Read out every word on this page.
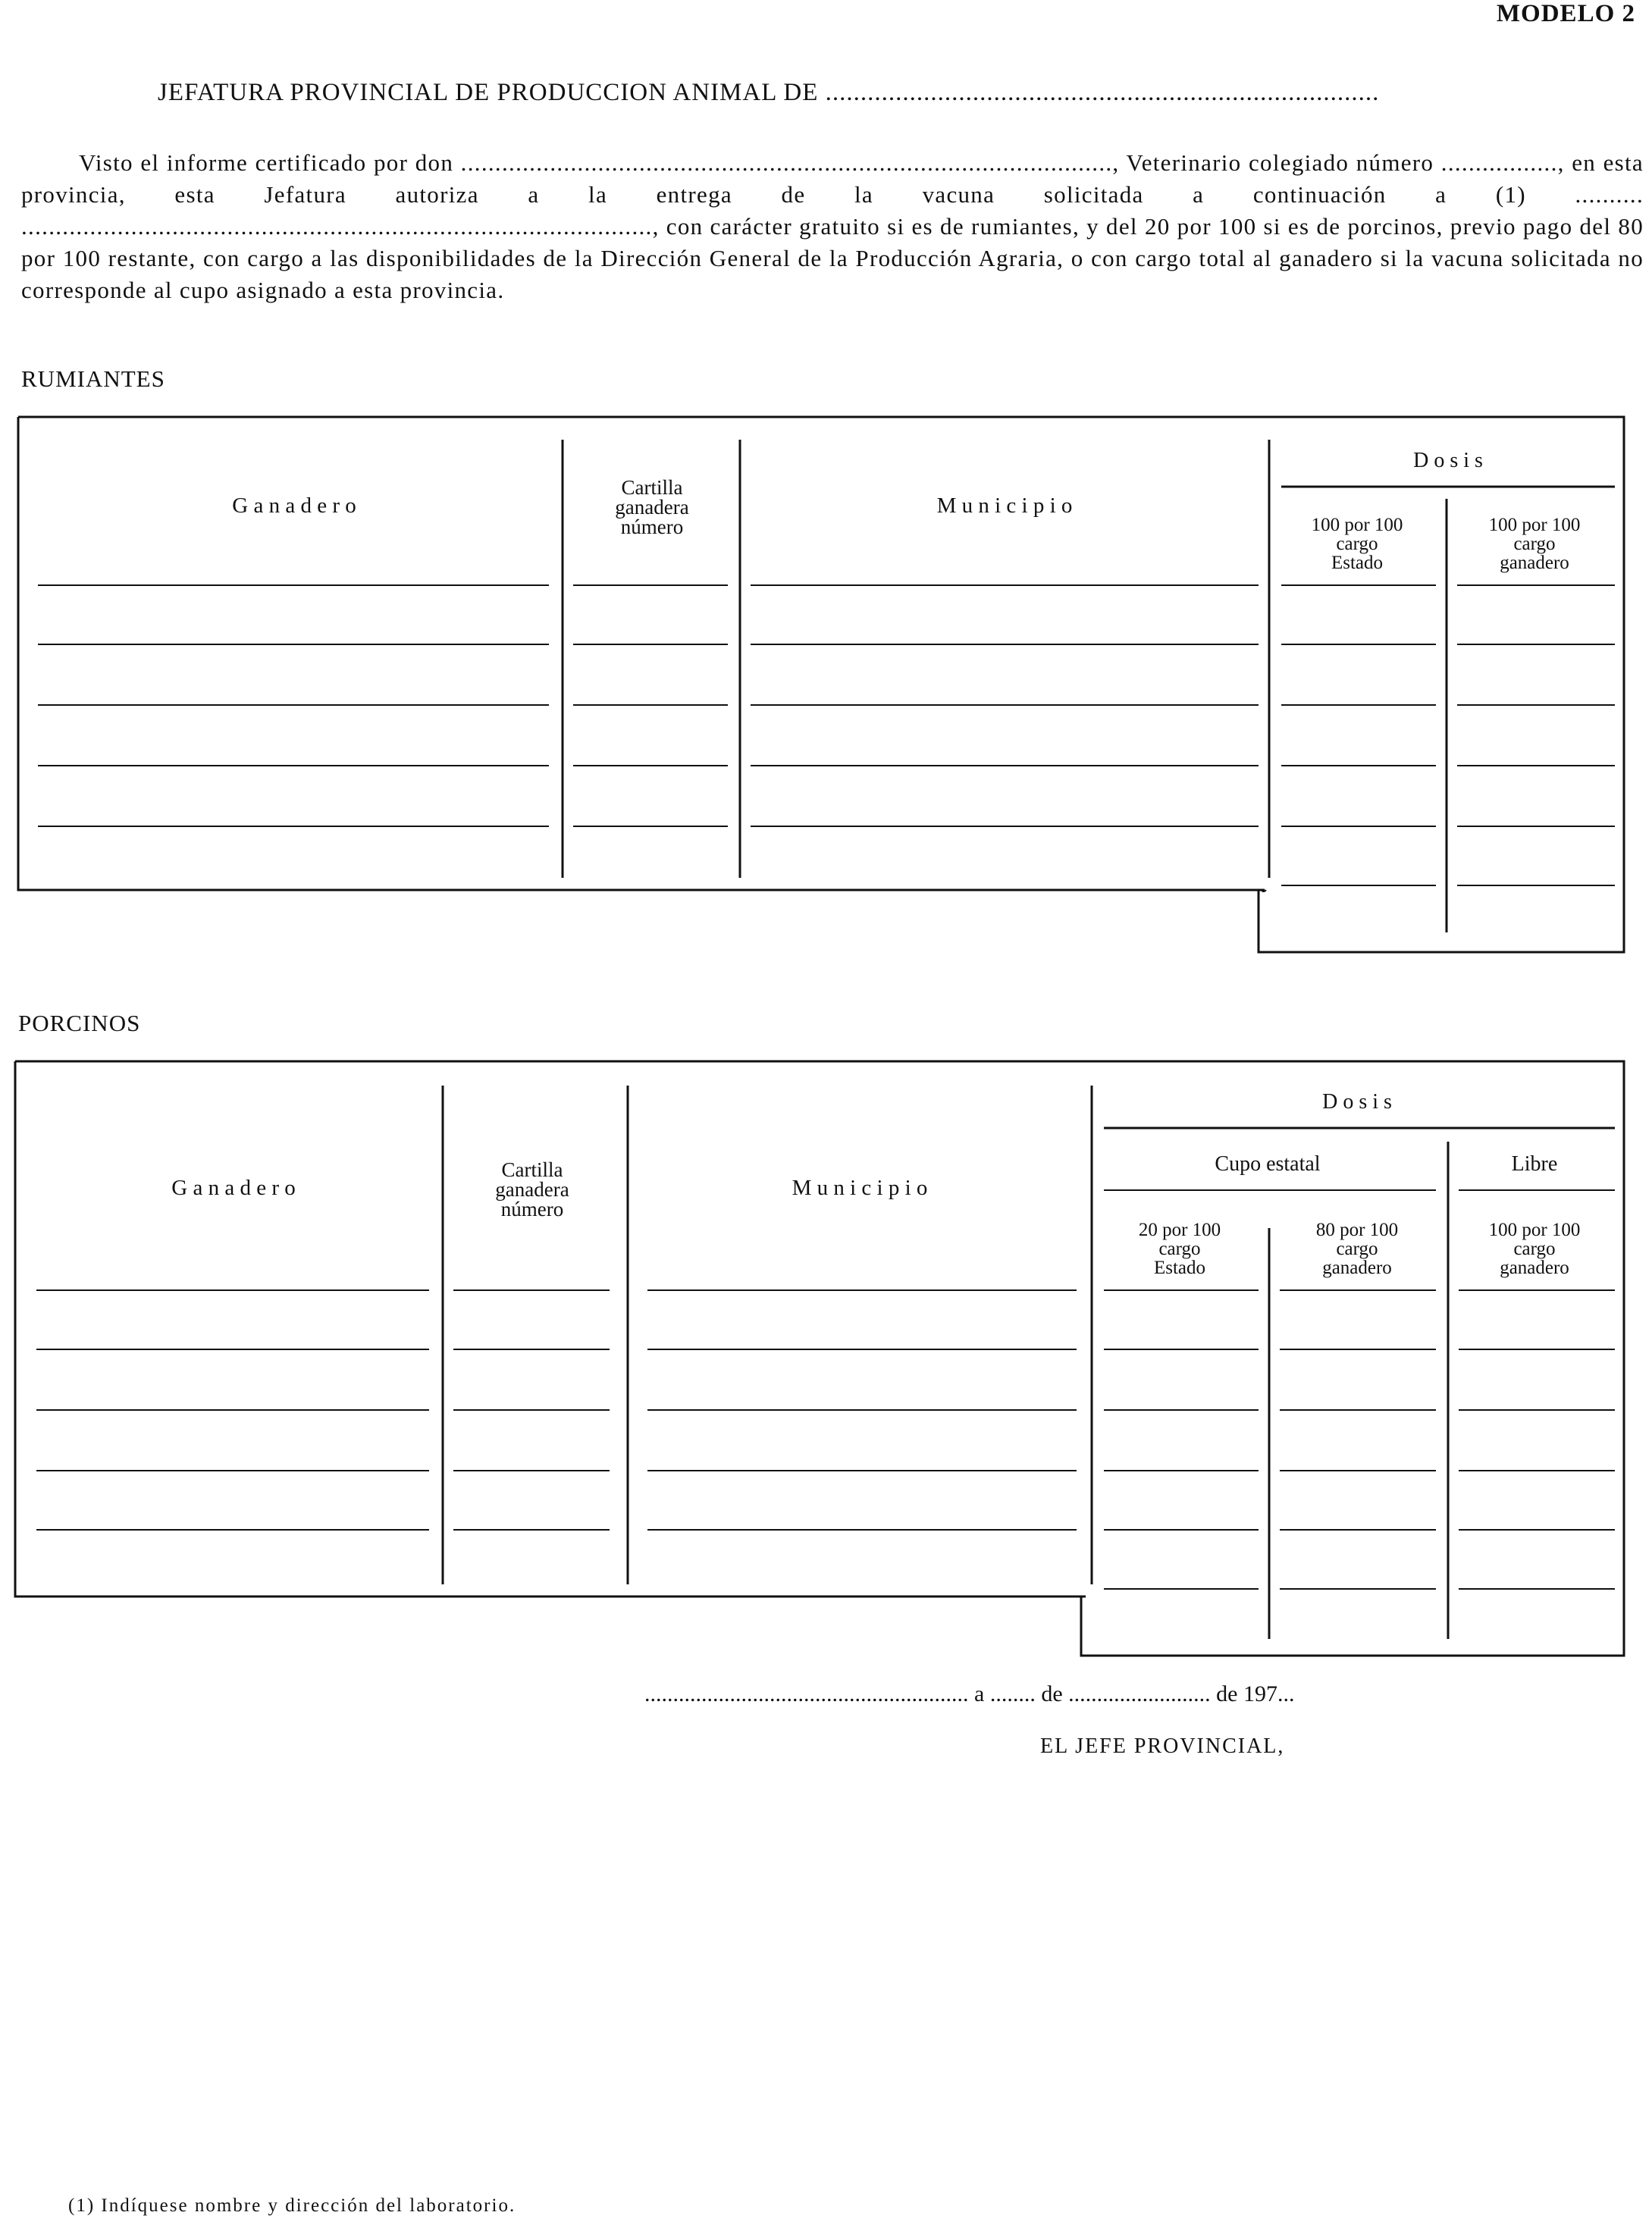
MODELO 2
JEFATURA PROVINCIAL DE PRODUCCION ANIMAL DE ...............................................................................

Visto el informe certificado por don ..............................................................................................., Veterinario colegiado número ................., en esta provincia, esta Jefatura autoriza a la entrega de la vacuna solicitada a continuación a (1) .......... ............................................................................................, con carácter gratuito si es de rumiantes, y del 20 por 100 si es de porcinos, previo pago del 80 por 100 restante, con cargo a las disponibilidades de la Dirección General de la Producción Agraria, o con cargo total al ganadero si la vacuna solicitada no corresponde al cupo asignado a esta provincia.

RUMIANTES
G a n a d e r o
Cartilla
ganadera
número
M u n i c i p i o
D o s i s
100 por 100
cargo
Estado
100 por 100
cargo
ganadero
PORCINOS
G a n a d e r o
Cartilla
ganadera
número
M u n i c i p i o
D o s i s
Cupo estatal	Libre
20 por 100
cargo
Estado
80 por 100
cargo
ganadero
100 por 100
cargo
ganadero
......................................................... a ........ de ......................... de 197...
EL JEFE PROVINCIAL,
(1) Indíquese nombre y dirección del laboratorio.
